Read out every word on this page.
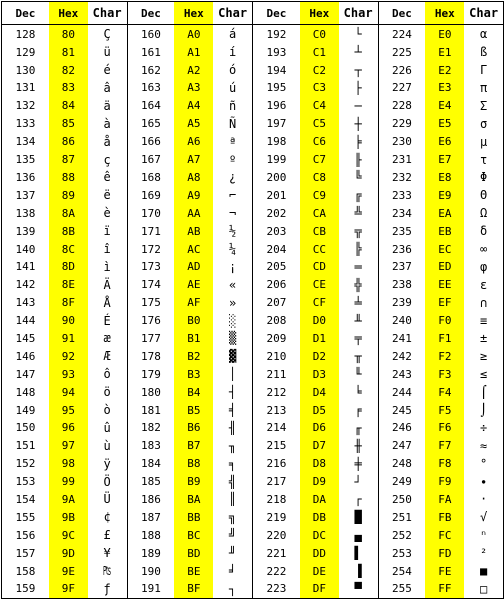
Dec
128
129
130
131
132
133
134
135
136
137
138
139
140
141
142
143
144
145
146
147
148
149
150
151
152
153
154
155
156
157
158
159
Hex
80
81
82
83
84
85
86
87
88
89
8A
8B
8C
8D
8E
8F
90
91
92
93
94
95
96
97
98
99
9A
9B
9C
9D
9E
9F
Char
Ç
ü
é
â
ä
à
å
ç
ê
ë
è
ï
î
ì
Ä
Å
É
æ
Æ
ô
ö
ò
û
ù
ÿ
Ö
Ü
¢
£
¥
₧
ƒ
Dec
160
161
162
163
164
165
166
167
168
169
170
171
172
173
174
175
176
177
178
179
180
181
182
183
184
185
186
187
188
189
190
191
Hex
A0
A1
A2
A3
A4
A5
A6
A7
A8
A9
AA
AB
AC
AD
AE
AF
B0
B1
B2
B3
B4
B5
B6
B7
B8
B9
BA
BB
BC
BD
BE
BF
Char
á
í
ó
ú
ñ
Ñ
ª
º
¿
⌐
¬
½
¼
¡
«
»
░
▒
▓
│
┤
╡
╢
╖
╕
╣
║
╗
╝
╜
╛
┐
Dec
192
193
194
195
196
197
198
199
200
201
202
203
204
205
206
207
208
209
210
211
212
213
214
215
216
217
218
219
220
221
222
223
Hex
C0
C1
C2
C3
C4
C5
C6
C7
C8
C9
CA
CB
CC
CD
CE
CF
D0
D1
D2
D3
D4
D5
D6
D7
D8
D9
DA
DB
DC
DD
DE
DF
Char
└
┴
┬
├
─
┼
╞
╟
╚
╔
╩
╦
╠
═
╬
╧
╨
╤
╥
╙
╘
╒
╓
╫
╪
┘
┌
█
▄
▌
▐
▀
Dec
224
225
226
227
228
229
230
231
232
233
234
235
236
237
238
239
240
241
242
243
244
245
246
247
248
249
250
251
252
253
254
255
Hex
E0
E1
E2
E3
E4
E5
E6
E7
E8
E9
EA
EB
EC
ED
EE
EF
F0
F1
F2
F3
F4
F5
F6
F7
F8
F9
FA
FB
FC
FD
FE
FF
Char
α
ß
Γ
π
Σ
σ
µ
τ
Φ
Θ
Ω
δ
∞
φ
ε
∩
≡
±
≥
≤
⌠
⌡
÷
≈
°
∙
·
√
ⁿ
²
■
□
